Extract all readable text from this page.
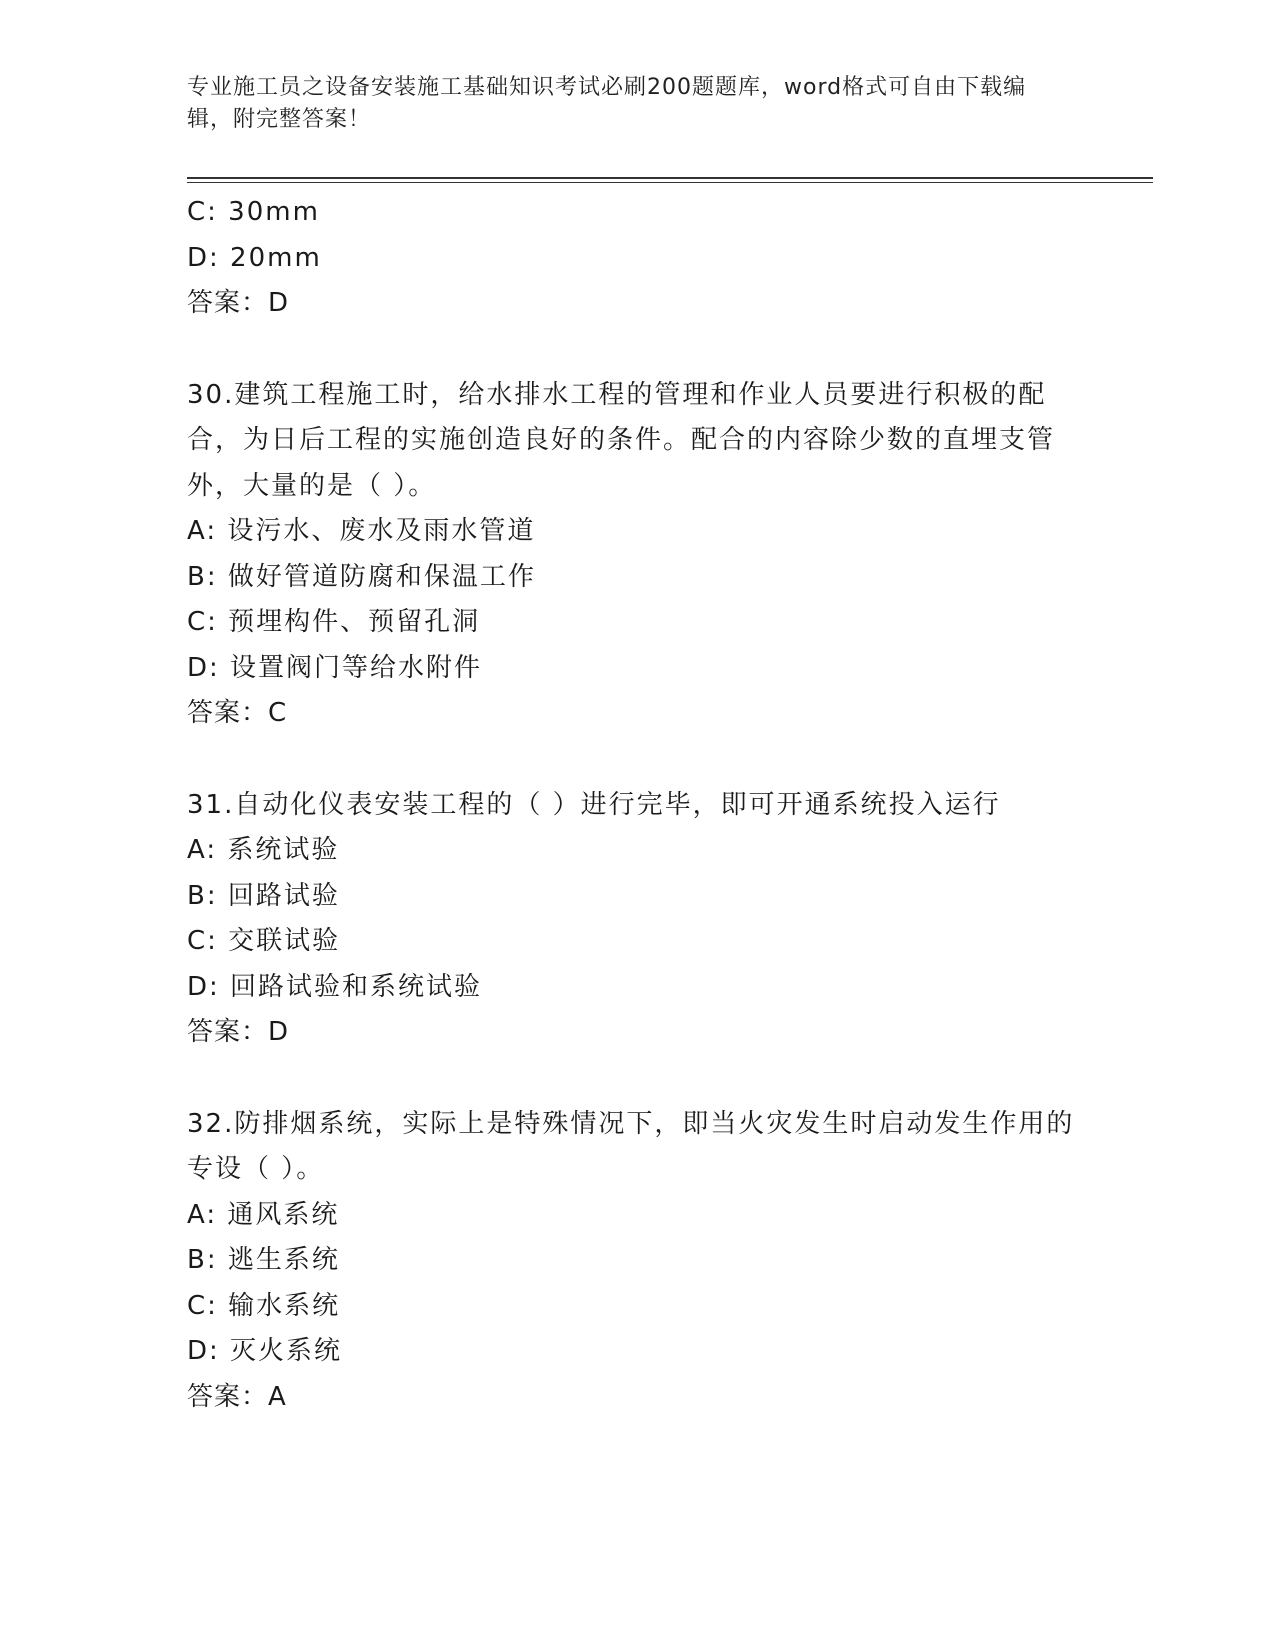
专业施工员之设备安装施工基础知识考试必刷200题题库，word格式可自由下载编辑，附完整答案！

C: 30mm

D: 20mm

答案：D

30.建筑工程施工时，给水排水工程的管理和作业人员要进行积极的配合，为日后工程的实施创造良好的条件。配合的内容除少数的直埋支管外，大量的是（ ）。

A: 设污水、废水及雨水管道

B: 做好管道防腐和保温工作

C: 预埋构件、预留孔洞

D: 设置阀门等给水附件

答案：C

31.自动化仪表安装工程的（ ）进行完毕，即可开通系统投入运行

A: 系统试验

B: 回路试验

C: 交联试验

D: 回路试验和系统试验

答案：D

32.防排烟系统，实际上是特殊情况下，即当火灾发生时启动发生作用的专设（ ）。

A: 通风系统

B: 逃生系统

C: 输水系统

D: 灭火系统

答案：A
